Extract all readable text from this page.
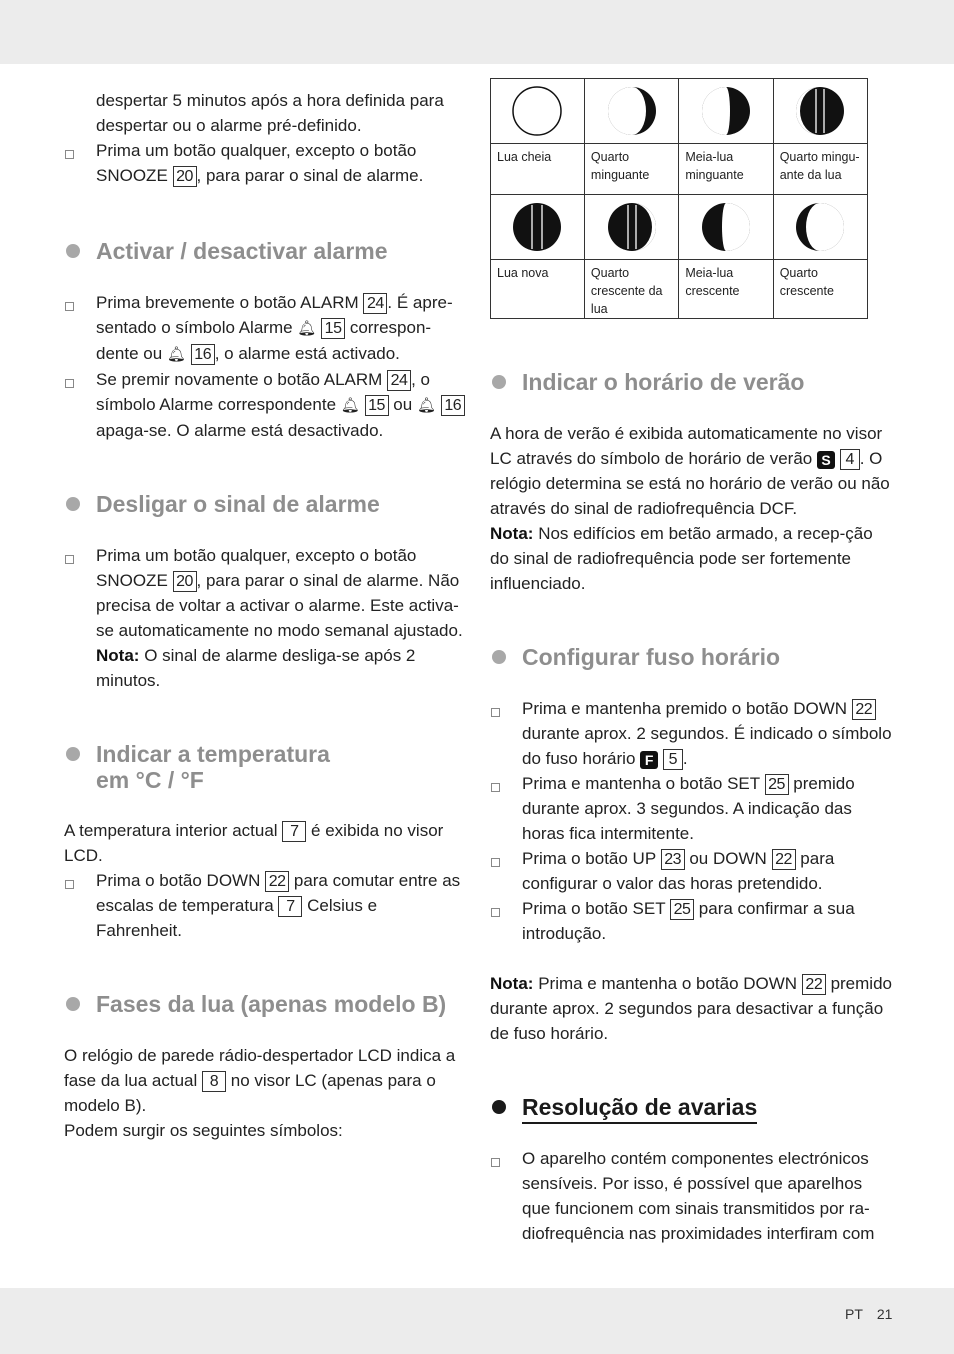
despertar 5 minutos após a hora definida para despertar ou o alarme pré-definido.

Prima um botão qualquer, excepto o botão SNOOZE 20 , para parar o sinal de alarme.

Activar / desactivar alarme

Prima brevemente o botão ALARM 24 . É apre-sentado o símbolo Alarme 🔔︎ 15 correspon-dente ou 🔔︎ 16 , o alarme está activado.

Se premir novamente o botão ALARM 24 , o símbolo Alarme correspondente 🔔︎ 15 ou 🔔︎ 16 apaga-se. O alarme está desactivado.

Desligar o sinal de alarme

Prima um botão qualquer, excepto o botão SNOOZE 20 , para parar o sinal de alarme. Não precisa de voltar a activar o alarme. Este activa-se automaticamente no modo semanal ajustado.

Nota: O sinal de alarme desliga-se após 2 minutos.

Indicar a temperatura
em °C / °F

A temperatura interior actual 7 é exibida no visor LCD.

Prima o botão DOWN 22 para comutar entre as escalas de temperatura 7 Celsius e Fahrenheit.

Fases da lua (apenas modelo B)

O relógio de parede rádio-despertador LCD indica a fase da lua actual 8 no visor LC (apenas para o modelo B).

Podem surgir os seguintes símbolos:

Lua cheia	Quarto minguante	Meia-lua minguante	Quarto mingu-ante da lua

Lua nova	Quarto crescente da lua	Meia-lua crescente	Quarto crescente
Indicar o horário de verão

A hora de verão é exibida automaticamente no visor LC através do símbolo de horário de verão S 4 . O relógio determina se está no horário de verão ou não através do sinal de radiofrequência DCF.

Nota: Nos edifícios em betão armado, a recep-ção do sinal de radiofrequência pode ser fortemente influenciado.

Configurar fuso horário

Prima e mantenha premido o botão DOWN 22 durante aprox. 2 segundos. É indicado o símbolo do fuso horário F 5 .

Prima e mantenha o botão SET 25 premido durante aprox. 3 segundos. A indicação das horas fica intermitente.

Prima o botão UP 23 ou DOWN 22 para configurar o valor das horas pretendido.

Prima o botão SET 25 para confirmar a sua introdução.

Nota: Prima e mantenha o botão DOWN 22 premido durante aprox. 2 segundos para desactivar a função de fuso horário.

Resolução de avarias

O aparelho contém componentes electrónicos sensíveis. Por isso, é possível que aparelhos que funcionem com sinais transmitidos por ra-diofrequência nas proximidades interfiram com

PT 21
